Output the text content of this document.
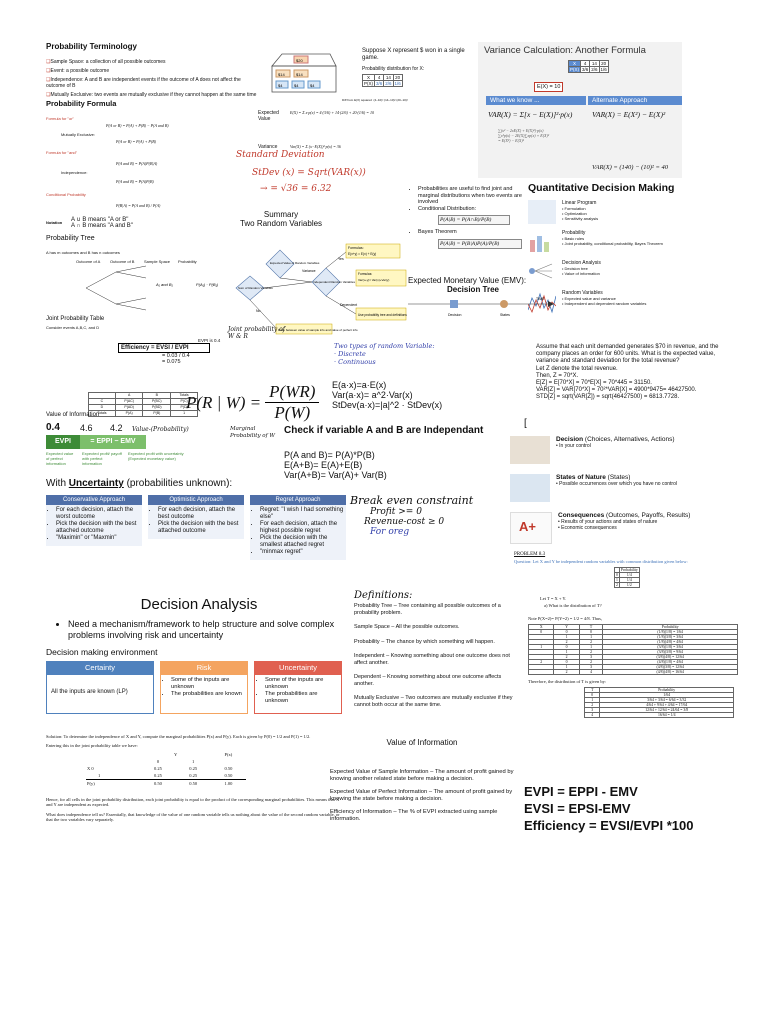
Probability Terminology
❑Sample Space: a collection of all possible outcomes
❑Event: a possible outcome
❑Independence: A and B are independent events if the outcome of A does not affect the outcome of B
❑Mutually Exclusive: two events are mutually exclusive if they cannot happen at the same time
Probability Formula
Formula for "or"
P(A or B) = P(A) + P(B) − P(A and B)
Mutually Exclusive:
P(A or B) = P(A) + P(B)
Formula for "and"
P(A and B) = P(A)P(B|A)
Independence:
P(A and B) = P(A)P(B)
Conditional Probability
P(B|A) = P(A and B) / P(A)
Notation	A ∪ B means "A or B"
A ∩ B means "A and B"
Probability Tree
A has m outcomes and B has n outcomes
Outcome of A	Outcome of B	Sample Space Probability
A₁ and B₁	P(A₁) · P(B₁)
Joint Probability Table
Consider events A,B,C, and D
	A	B	Totals
C	P(AC)	P(BC)	P(C)
D	P(AD)	P(BD)	P(D)
Totals	P(A)	P(B)	1
$20
$14	$14
$4	$4	$4
Suppose X represent $ won in a single game.
Probability distribution for X:
X	4	14	20
P(X)	3/6	2/6	1/6
Diff from E(X) squared (4−10)² (14−10)² (20−10)²
Expected Value
E(X) = Σ x·p(x) = 4·(3/6) + 14·(2/6) + 20·(1/6) = 10
Variance	Var(X) = Σ (x−E(X))²·p(x) = 36
Standard Deviation
StDev (x) = Sqrt(VAR(x))
→ = √36 = 6.32
Variance Calculation: Another Formula
X	4	14	20
P(X)	3/6	2/6	1/6
E(X) = 10
What we know ...	Alternate Approach
VAR(X) = Σ[x − E(X)]²·p(x)	VAR(X) = E(X²) − E(X)²
∑(x² − 2xE(X) + E(X)²)·p(x)
∑x²p(x) − 2E(X)∑xp(x) + E(X)²
= E(X²) − E(X)²
VAR(X) = (140) − (10)² = 40
Summary
Two Random Variables
Formulas:
E(x+y) = E(x) + E(y)
Formulas:
Var(x+y)= Var(x)+Var(y)
Use probability tree and definitions
Ratio between value of sample info and value of perfect info
Sum of Random Variables
Expected Value of Random Variables
Independent Random Variables
Variance
Dependent
Yes
No
• Probabilities are useful to find joint and marginal distributions when two events are involved
• Conditional Distribution:
P(A|B) = P(A∩B)/P(B)
• Bayes Theorem
P(A|B) = P(B|A)P(A)/P(B)
Quantitative Decision Making
Linear Program
• Formulation
• Optimization
• Sensitivity analysis
Probability
• Basic rules
• Joint probability, conditional probability, Bayes Theorem
Decision Analysis
• Decision tree
• Value of information
Random Variables
• Expected value and variance
• Independent and dependent random variables
Expected Monetary Value (EMV):
Decision Tree
Decision	States
TIME
EVPI is 0.4
Efficiency = EVSI / EVPI
= 0.03 / 0.4
= 0.075
Joint probability of W & R
Two types of random Variable:
· Discrete
· Continuous
P(R | $W) = \frac{P(WR)}{P(W)}$
Marginal Probability of W
E(a·x)=a·E(x)
Var(a·x)= a^2·Var(x)
StDev(a·x)=|a|^2 · StDev(x)
Check if variable A and B are Independant
P(A and B)= P(A)*P(B)
E(A+B)= E(A)+E(B)
Var(A+B)= Var(A)+ Var(B)
Assume that each unit demanded generates $70 in revenue, and the company places an order for 600 units. What is the expected value, variance and standard deviation for the total revenue?
Let Z denote the total revenue.
Then, Z = 70*X.
E[Z] = E[70*X] = 70*E[X] = 70*445 = 31150.
VAR[Z] = VAR[70*X] = 70²*VAR[X] = 4900*9475= 46427500.
STD[Z] = sqrt(VAR[Z]) = sqrt(46427500) = 6813.7728.
[
Value of Information
0.4	4.6	4.2	Value-(Probability)
EVPI	= EPPI − EMV
Expected value of perfect information
Expected profit/ payoff with perfect information
Expected profit with uncertainty (Expected monetary value)
Decision (Choices, Alternatives, Actions)
• In your control
States of Nature (States)
• Possible occurrences over which you have no control
A+
Consequences (Outcomes, Payoffs, Results)
• Results of your actions and states of nature
• Economic consequences
With Uncertainty (probabilities unknown):
Conservative Approach
• For each decision, attach the worst outcome
• Pick the decision with the best attached outcome
• "Maximin" or "Maxmin"
Optimistic Approach
• For each decision, attach the best outcome
• Pick the decision with the best attached outcome
Regret Approach
• Regret: "I wish I had something else"
• For each decision, attach the highest possible regret
• Pick the decision with the smallest attached regret
• "minmax regret"
Break even constraint
Profit >= 0
Revenue-cost ≥ 0
For oreg
PROBLEM 8.3
Question: Let X and Y be independent random variables with common distribution given below:
	Probability
0	1/4
1	1/4
2	1/2
Let T = X + Y.
a) What is the distribution of T?
Note P(X=2)= P(Y=2) = 1/2 = 4/8. Thus,
X	Y	T	Probability
0	0	0	(1/8)(1/8) = 1/64
	1	1	(1/8)(3/8) = 3/64
	2	2	(1/8)(4/8) = 4/64
1	0	1	(3/8)(1/8) = 3/64
	1	2	(3/8)(3/8) = 9/64
	2	3	(3/8)(4/8) = 12/64
2	0	2	(4/8)(1/8) = 4/64
	1	3	(4/8)(3/8) = 12/64
	2	4	(4/8)(4/8) = 16/64
Therefore, the distribution of T is given by:
T	Probability
0	1/64
1	3/64 + 3/64 = 6/64 = 3/32
2	4/64 + 9/64 + 4/64 = 17/64
3	12/64 + 12/64 = 24/64 = 3/8
4	16/64 = 1/4
Decision Analysis
• Need a mechanism/framework to help structure and solve complex problems involving risk and uncertainty
Decision making environment
Certainty
All the inputs are known (LP)
Risk
• Some of the inputs are unknown
• The probabilities are known
Uncertainty
• Some of the inputs are unknown
• The probabilities are unknown
Definitions:
Probability Tree – Tree containing all possible outcomes of a probability problem.
Sample Space – All the possible outcomes.
Probability – The chance by which something will happen.
Independent – Knowing something about one outcome does not affect another.
Dependent – Knowing something about one outcome affects another.
Mutually Exclusive – Two outcomes are mutually exclusive if they cannot both occur at the same time.
Solution: To determine the independence of X and Y, compute the marginal probabilities P(x) and P(y). Each is given by P(0) = 1/2 and P(1) = 1/2.
Entering this in the joint probability table we have:
	Y		P(x)
	0	1	
X 0	0.25	0.25	0.50
1	0.25	0.25	0.50
P(y)	0.50	0.50	1.00
Hence, for all cells in the joint probability distribution, each joint probability is equal to the product of the corresponding marginal probabilities. This means that X and Y are independent as expected.
What does independence tell us? Essentially, that knowledge of the value of one random variable tells us nothing about the value of the second random variable, or that the two variables vary separately.
Value of Information
Expected Value of Sample Information – The amount of profit gained by knowing another related state before making a decision.
Expected Value of Perfect Information – The amount of profit gained by knowing the state before making a decision.
Efficiency of Information – The % of EVPI extracted using sample information.
EVPI = EPPI - EMV
EVSI = EPSI-EMV
Efficiency = EVSI/EVPI *100
